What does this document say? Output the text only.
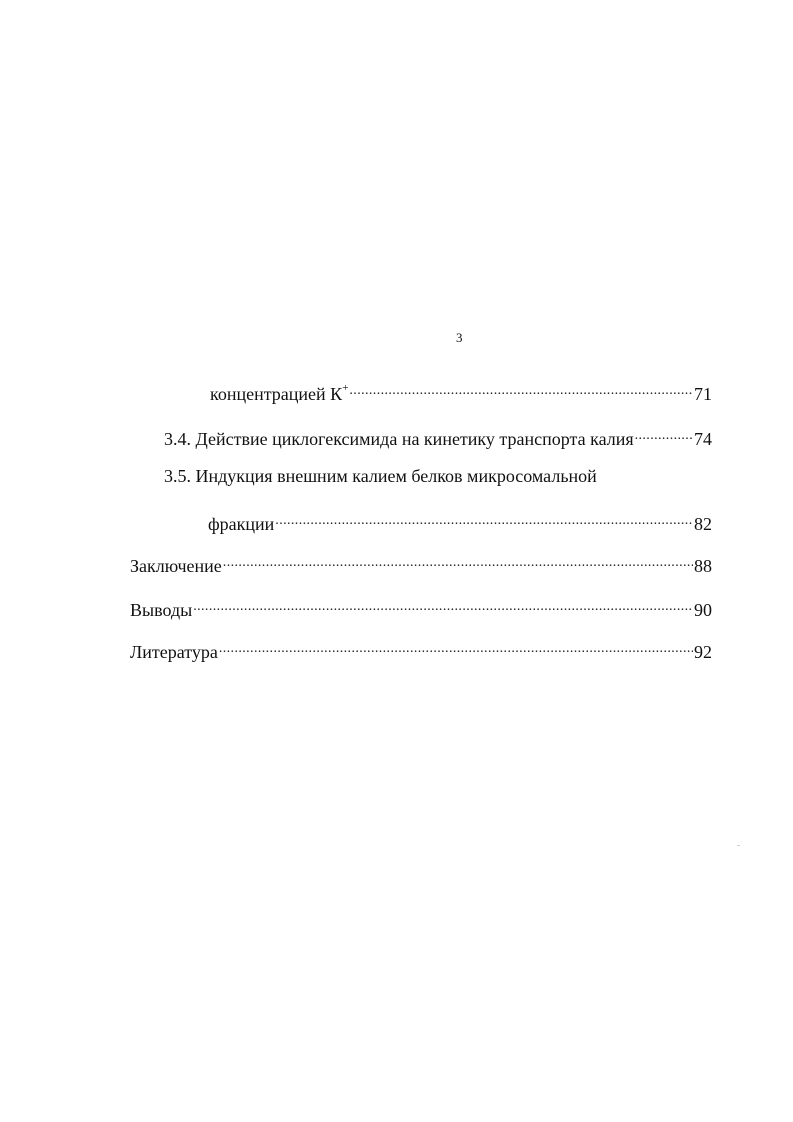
3
концентрацией К+ .....	71
3.4. Действие циклогексимида на кинетику транспорта калия .....	74
3.5. Индукция внешним калием белков микросомальной
фракции .....	82
Заключение .....	88
Выводы .....	90
Литература .....	92
